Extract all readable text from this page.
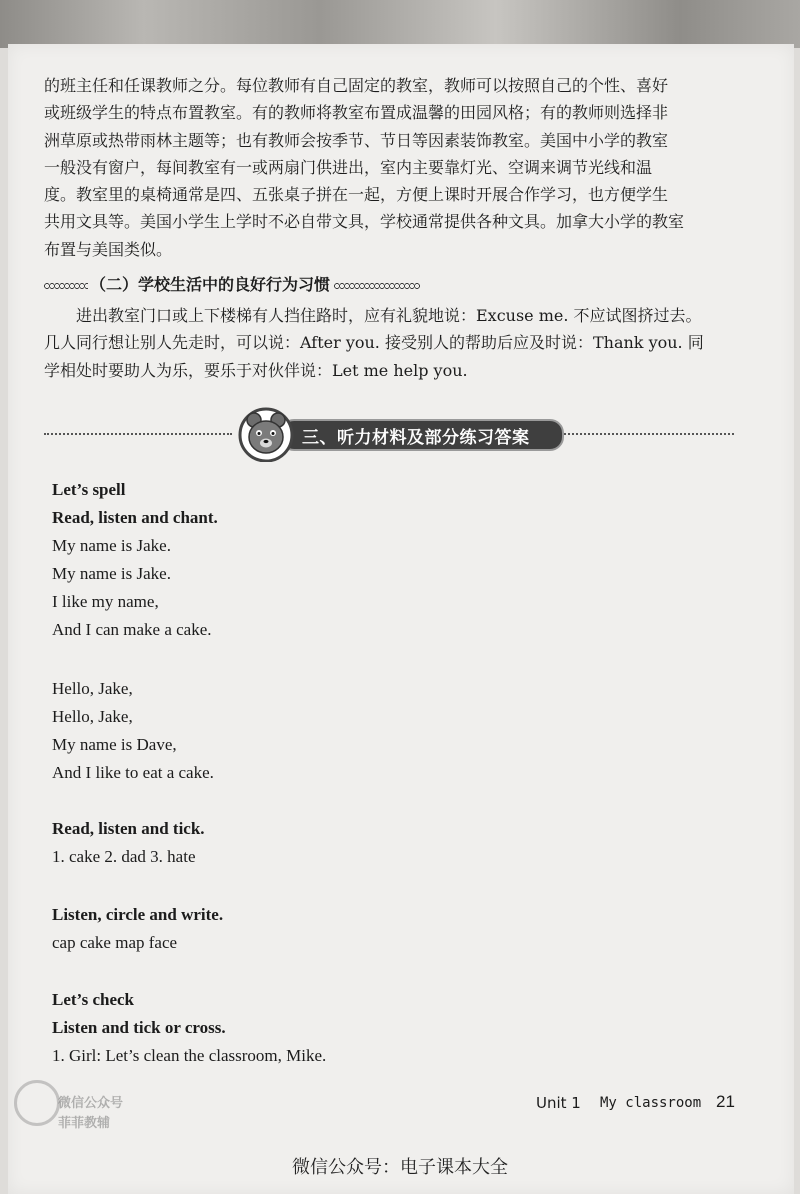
的班主任和任课教师之分。每位教师有自己固定的教室，教师可以按照自己的个性、喜好
或班级学生的特点布置教室。有的教师将教室布置成温馨的田园风格；有的教师则选择非
洲草原或热带雨林主题等；也有教师会按季节、节日等因素装饰教室。美国中小学的教室
一般没有窗户，每间教室有一或两扇门供进出，室内主要靠灯光、空调来调节光线和温
度。教室里的桌椅通常是四、五张桌子拼在一起，方便上课时开展合作学习，也方便学生
共用文具等。美国小学生上学时不必自带文具，学校通常提供各种文具。加拿大小学的教室
布置与美国类似。
（二）学校生活中的良好行为习惯
　　进出教室门口或上下楼梯有人挡住路时，应有礼貌地说：Excuse me. 不应试图挤过去。
几人同行想让别人先走时，可以说：After you. 接受别人的帮助后应及时说：Thank you. 同
学相处时要助人为乐，要乐于对伙伴说：Let me help you.
三、听力材料及部分练习答案

Let’s spell

Read, listen and chant.

My name is Jake.

My name is Jake.

I like my name,

And I can make a cake.

Hello, Jake,

Hello, Jake,

My name is Dave,

And I like to eat a cake.

Read, listen and tick.

1. cake 2. dad 3. hate

Listen, circle and write.

cap cake map face

Let’s check

Listen and tick or cross.

1. Girl: Let’s clean the classroom, Mike.

微信公众号
菲菲教辅
Unit 1 My classroom 21
微信公众号：电子课本大全
